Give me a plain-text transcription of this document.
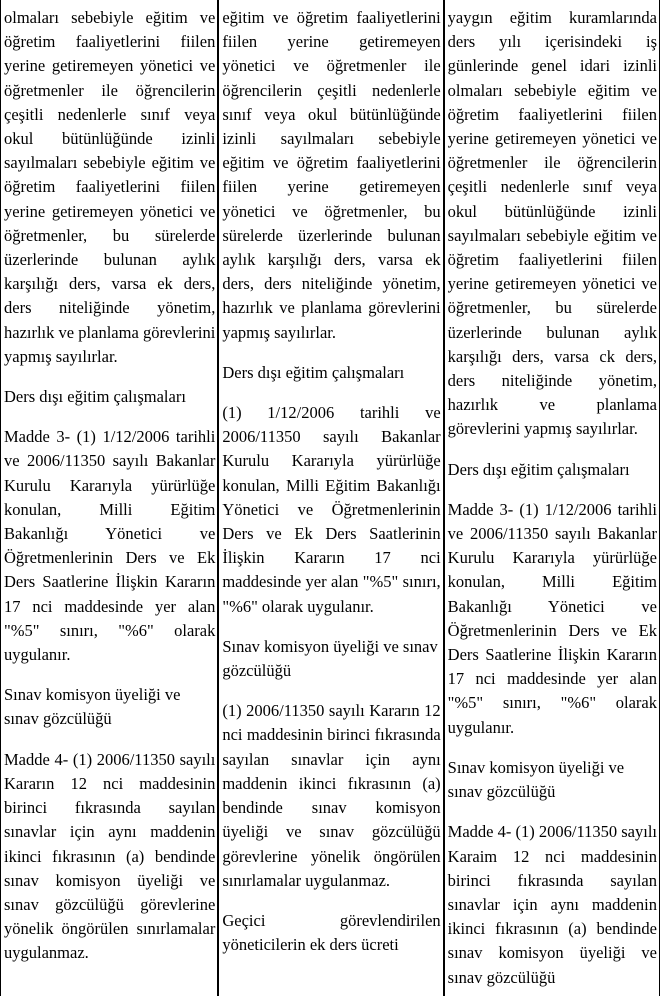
olmaları sebebiyle eğitim ve öğretim faaliyetlerini fiilen yerine getiremeyen yönetici ve öğretmenler ile öğrencilerin çeşitli nedenlerle sınıf veya okul bütünlüğünde izinli sayılmaları sebebiyle eğitim ve öğretim faaliyetlerini fiilen yerine getiremeyen yönetici ve öğretmenler, bu sürelerde üzerlerinde bulunan aylık karşılığı ders, varsa ek ders, ders niteliğinde yönetim, hazırlık ve planlama görevlerini yapmış sayılırlar.

Ders dışı eğitim çalışmaları

Madde 3- (1) 1/12/2006 tarihli ve 2006/11350 sayılı Bakanlar Kurulu Kararıyla yürürlüğe konulan, Milli Eğitim Bakanlığı Yönetici ve Öğretmenlerinin Ders ve Ek Ders Saatlerine İlişkin Kararın 17 nci maddesinde yer alan "%5" sınırı, "%6" olarak uygulanır.

Sınav komisyon üyeliği ve sınav gözcülüğü

Madde 4- (1) 2006/11350 sayılı Kararın 12 nci maddesinin birinci fıkrasında sayılan sınavlar için aynı maddenin ikinci fıkrasının (a) bendinde sınav komisyon üyeliği ve sınav gözcülüğü görevlerine yönelik öngörülen sınırlamalar uygulanmaz.

eğitim ve öğretim faaliyetlerini fiilen yerine getiremeyen yönetici ve öğretmenler ile öğrencilerin çeşitli nedenlerle sınıf veya okul bütünlüğünde izinli sayılmaları sebebiyle eğitim ve öğretim faaliyetlerini fiilen yerine getiremeyen yönetici ve öğretmenler, bu sürelerde üzerlerinde bulunan aylık karşılığı ders, varsa ek ders, ders niteliğinde yönetim, hazırlık ve planlama görevlerini yapmış sayılırlar.

Ders dışı eğitim çalışmaları

(1) 1/12/2006 tarihli ve 2006/11350 sayılı Bakanlar Kurulu Kararıyla yürürlüğe konulan, Milli Eğitim Bakanlığı Yönetici ve Öğretmenlerinin Ders ve Ek Ders Saatlerinin İlişkin Kararın 17 nci maddesinde yer alan "%5" sınırı, "%6" olarak uygulanır.

Sınav komisyon üyeliği ve sınav gözcülüğü

(1) 2006/11350 sayılı Kararın 12 nci maddesinin birinci fıkrasında sayılan sınavlar için aynı maddenin ikinci fıkrasının (a) bendinde sınav komisyon üyeliği ve sınav gözcülüğü görevlerine yönelik öngörülen sınırlamalar uygulanmaz.

Geçici görevlendirilen yöneticilerin ek ders ücreti

yaygın eğitim kuramlarında ders yılı içerisindeki iş günlerinde genel idari izinli olmaları sebebiyle eğitim ve öğretim faaliyetlerini fiilen yerine getiremeyen yönetici ve öğretmenler ile öğrencilerin çeşitli nedenlerle sınıf veya okul bütünlüğünde izinli sayılmaları sebebiyle eğitim ve öğretim faaliyetlerini fiilen yerine getiremeyen yönetici ve öğretmenler, bu sürelerde üzerlerinde bulunan aylık karşılığı ders, varsa ck ders, ders niteliğinde yönetim, hazırlık ve planlama görevlerini yapmış sayılırlar.

Ders dışı eğitim çalışmaları

Madde 3- (1) 1/12/2006 tarihli ve 2006/11350 sayılı Bakanlar Kurulu Kararıyla yürürlüğe konulan, Milli Eğitim Bakanlığı Yönetici ve Öğretmenlerinin Ders ve Ek Ders Saatlerine İlişkin Kararın 17 nci maddesinde yer alan "%5" sınırı, "%6" olarak uygulanır.

Sınav komisyon üyeliği ve sınav gözcülüğü

Madde 4- (1) 2006/11350 sayılı Karaim 12 nci maddesinin birinci fıkrasında sayılan sınavlar için aynı maddenin ikinci fıkrasının (a) bendinde sınav komisyon üyeliği ve sınav gözcülüğü
